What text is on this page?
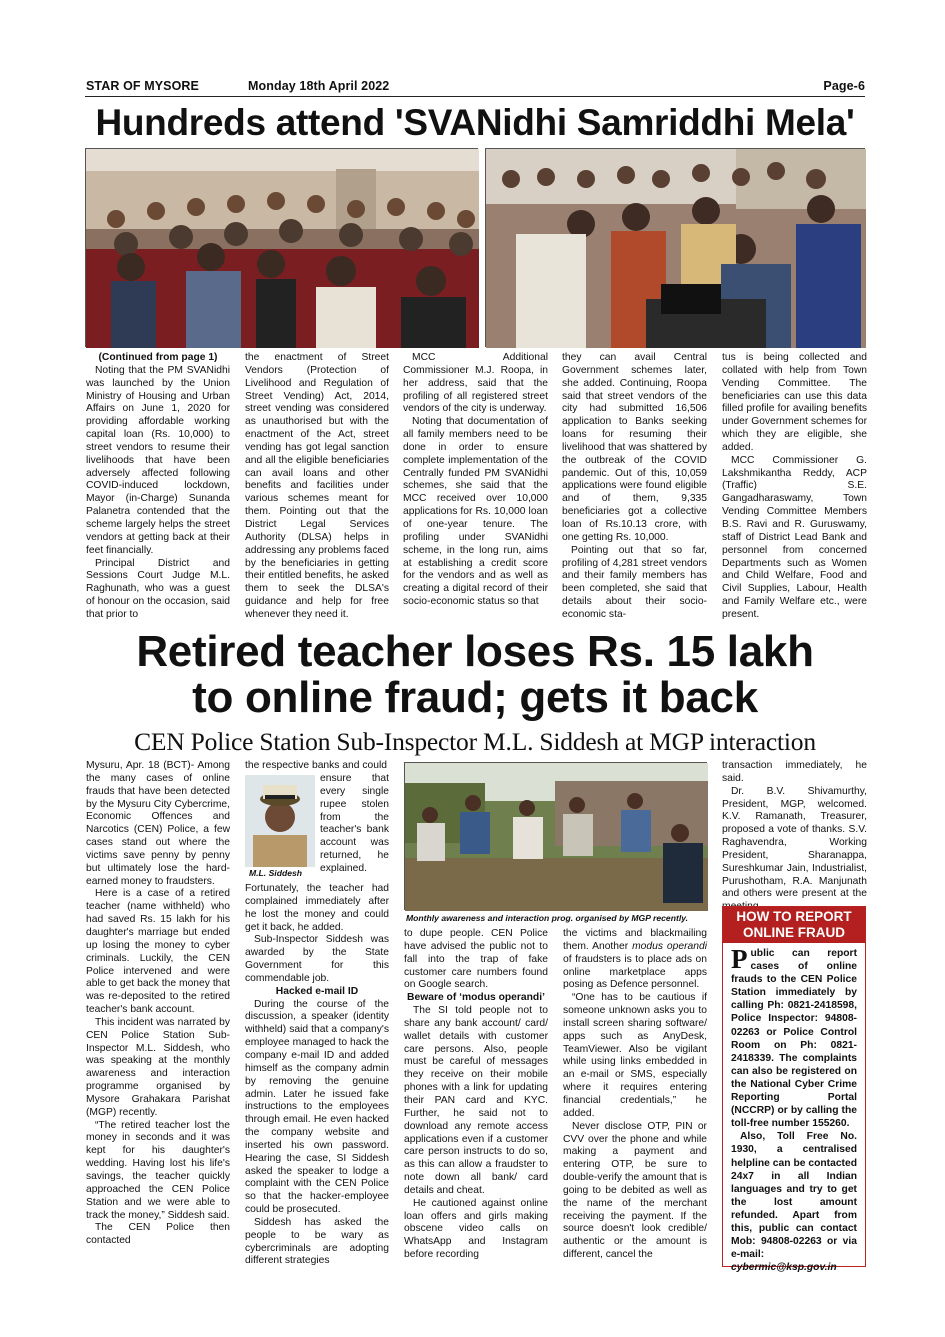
STAR OF MYSORE	Monday 18th April 2022	Page-6
Hundreds attend 'SVANidhi Samriddhi Mela'

(Continued from page 1)

Noting that the PM SVANidhi was launched by the Union Ministry of Housing and Urban Affairs on June 1, 2020 for providing affordable working capital loan (Rs. 10,000) to street vendors to resume their livelihoods that have been adversely affected following COVID-induced lockdown, Mayor (in-Charge) Sunanda Palanetra contended that the scheme largely helps the street vendors at getting back at their feet financially.

Principal District and Sessions Court Judge M.L. Raghunath, who was a guest of honour on the occasion, said that prior to

the enactment of Street Vendors (Protection of Livelihood and Regulation of Street Vending) Act, 2014, street vending was considered as unauthorised but with the enactment of the Act, street vending has got legal sanction and all the eligible beneficiaries can avail loans and other benefits and facilities under various schemes meant for them. Pointing out that the District Legal Services Authority (DLSA) helps in addressing any problems faced by the beneficiaries in getting their entitled benefits, he asked them to seek the DLSA's guidance and help for free whenever they need it.

MCC Additional Commissioner M.J. Roopa, in her address, said that the profiling of all registered street vendors of the city is underway.

Noting that documentation of all family members need to be done in order to ensure complete implementation of the Centrally funded PM SVANidhi schemes, she said that the MCC received over 10,000 applications for Rs. 10,000 loan of one-year tenure. The profiling under SVANidhi scheme, in the long run, aims at establishing a credit score for the vendors and as well as creating a digital record of their socio-economic status so that

they can avail Central Government schemes later, she added. Continuing, Roopa said that street vendors of the city had submitted 16,506 application to Banks seeking loans for resuming their livelihood that was shattered by the outbreak of the COVID pandemic. Out of this, 10,059 applications were found eligible and of them, 9,335 beneficiaries got a collective loan of Rs.10.13 crore, with one getting Rs. 10,000.

Pointing out that so far, profiling of 4,281 street vendors and their family members has been completed, she said that details about their socio-economic sta-

tus is being collected and collated with help from Town Vending Committee. The beneficiaries can use this data filled profile for availing benefits under Government schemes for which they are eligible, she added.

MCC Commissioner G. Lakshmikantha Reddy, ACP (Traffic) S.E. Gangadharaswamy, Town Vending Committee Members B.S. Ravi and R. Guruswamy, staff of District Lead Bank and personnel from concerned Departments such as Women and Child Welfare, Food and Civil Supplies, Labour, Health and Family Welfare etc., were present.

Retired teacher loses Rs. 15 lakh
to online fraud; gets it back
CEN Police Station Sub-Inspector M.L. Siddesh at MGP interaction

Mysuru, Apr. 18 (BCT)- Among the many cases of online frauds that have been detected by the Mysuru City Cybercrime, Economic Offences and Narcotics (CEN) Police, a few cases stand out where the victims save penny by penny but ultimately lose the hard-earned money to fraudsters.

Here is a case of a retired teacher (name withheld) who had saved Rs. 15 lakh for his daughter's marriage but ended up losing the money to cyber criminals. Luckily, the CEN Police intervened and were able to get back the money that was re-deposited to the retired teacher's bank account.

This incident was narrated by CEN Police Station Sub-Inspector M.L. Siddesh, who was speaking at the monthly awareness and interaction programme organised by Mysore Grahakara Parishat (MGP) recently.

“The retired teacher lost the money in seconds and it was kept for his daughter's wedding. Having lost his life's savings, the teacher quickly approached the CEN Police Station and we were able to track the money,” Siddesh said.

The CEN Police then contacted

the respective banks and could

M.L. Siddesh

ensure that every single rupee stolen from the teacher's bank account was returned, he explained.

Fortunately, the teacher had complained immediately after he lost the money and could get it back, he added.

Sub-Inspector Siddesh was awarded by the State Government for this commendable job.

Hacked e-mail ID

During the course of the discussion, a speaker (identity withheld) said that a company's employee managed to hack the company e-mail ID and added himself as the company admin by removing the genuine admin. Later he issued fake instructions to the employees through email. He even hacked the company website and inserted his own password. Hearing the case, SI Siddesh asked the speaker to lodge a complaint with the CEN Police so that the hacker-employee could be prosecuted.

Siddesh has asked the people to be wary as cybercriminals are adopting different strategies

Monthly awareness and interaction prog. organised by MGP recently.

to dupe people. CEN Police have advised the public not to fall into the trap of fake customer care numbers found on Google search.

Beware of ‘modus operandi’

The SI told people not to share any bank account/ card/ wallet details with customer care persons. Also, people must be careful of messages they receive on their mobile phones with a link for updating their PAN card and KYC. Further, he said not to download any remote access applications even if a customer care person instructs to do so, as this can allow a fraudster to note down all bank/ card details and cheat.

He cautioned against online loan offers and girls making obscene video calls on WhatsApp and Instagram before recording

the victims and blackmailing them. Another modus operandi of fraudsters is to place ads on online marketplace apps posing as Defence personnel.

“One has to be cautious if someone unknown asks you to install screen sharing software/ apps such as AnyDesk, TeamViewer. Also be vigilant while using links embedded in an e-mail or SMS, especially where it requires entering financial credentials,” he added.

Never disclose OTP, PIN or CVV over the phone and while making a payment and entering OTP, be sure to double-verify the amount that is going to be debited as well as the name of the merchant receiving the payment. If the source doesn't look credible/ authentic or the amount is different, cancel the

transaction immediately, he said.

Dr. B.V. Shivamurthy, President, MGP, welcomed. K.V. Ramanath, Treasurer, proposed a vote of thanks. S.V. Raghavendra, Working President, Sharanappa, Sureshkumar Jain, Industrialist, Purushotham, R.A. Manjunath and others were present at the

HOW TO REPORT
ONLINE FRAUD

Public can report cases of online frauds to the CEN Police Station immediately by calling Ph: 0821-2418598, Police Inspector: 94808-02263 or Police Control Room on Ph: 0821-2418339. The complaints can also be registered on the National Cyber Crime Reporting Portal (NCCRP) or by calling the toll-free number 155260.

Also, Toll Free No. 1930, a centralised helpline can be contacted 24x7 in all Indian languages and try to get the lost amount refunded. Apart from this, public can contact Mob: 94808-02263 or via e-mail: cybermic@ksp.gov.in
